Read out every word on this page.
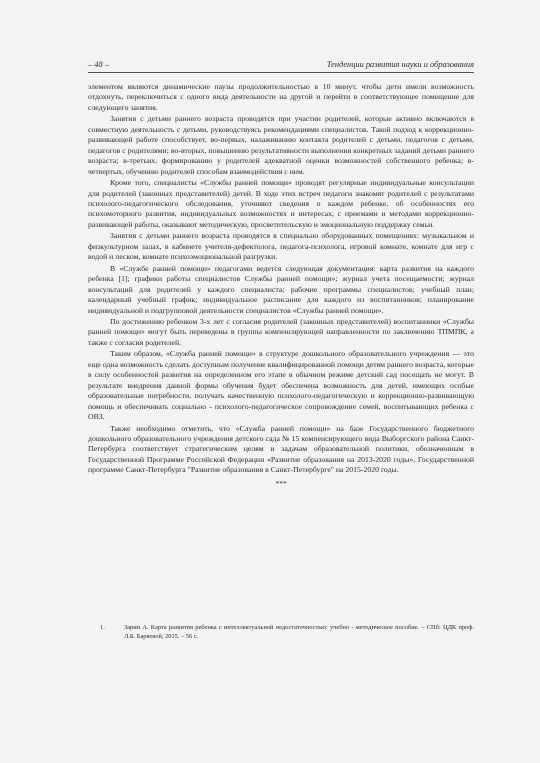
– 48 –	Тенденции развития науки и образования

элементом являются динамические паузы продолжительностью в 10 минут, чтобы дети имели возможность отдохнуть, переключиться с одного вида деятельности на другой и перейти в соответствующее помещение для следующего занятия.

Занятия с детьми раннего возраста проводятся при участии родителей, которые активно включаются в совместную деятельность с детьми, руководствуясь рекомендациями специалистов. Такой подход к коррекционно-развивающей работе способствует, во-первых, налаживанию контакта родителей с детьми, педагогов с детьми, педагогов с родителями; во-вторых, повышению результативности выполнения конкретных заданий детьми раннего возраста; в-третьих, формированию у родителей адекватной оценки возможностей собственного ребенка; в-четвертых, обучению родителей способам взаимодействия с ним.

Кроме того, специалисты «Службы ранней помощи» проводят регулярные индивидуальные консультации для родителей (законных представителей) детей. В ходе этих встреч педагоги знакомят родителей с результатами психолого-педагогического обследования, уточняют сведения о каждом ребенке, об особенностях его психомоторного развития, индивидуальных возможностях и интересах, с приемами и методами коррекционно-развивающей работы, оказывают методическую, просветительскую и эмоциональную поддержку семьи.

Занятия с детьми раннего возраста проводятся в специально оборудованных помещениях: музыкальном и физкультурном залах, в кабинете учителя-дефектолога, педагога-психолога, игровой комнате, комнате для игр с водой и песком, комнате психоэмоциональной разгрузки.

В «Службе ранней помощи» педагогами ведется следующая документация: карта развития на каждого ребенка [1]; графики работы специалистов Службы ранней помощи»; журнал учета посещаемости; журнал консультаций для родителей у каждого специалиста; рабочие программы специалистов; учебный план; календарный учебный график; индивидуальное расписание для каждого из воспитанников; планирование индивидуальной и подгрупповой деятельности специалистов «Службы ранней помощи».

По достижению ребенком 3-х лет с согласия родителей (законных представителей) воспитанники «Службы ранней помощи» могут быть переведены в группы компенсирующей направленности по заключению ТПМПК, а также с согласия родителей.

Таким образом, «Служба ранней помощи» в структуре дошкольного образовательного учреждения — это еще одна возможность сделать доступным получение квалифицированной помощи детям раннего возраста, которые в силу особенностей развития на определенном его этапе в обычном режиме детский сад посещать не могут. В результате внедрения данной формы обучения будет обеспечена возможность для детей, имеющих особые образовательные потребности, получать качественную психолого-педагогическую и коррекционно-развивающую помощь и обеспечивать социально - психолого-педагогическое сопровождение семей, воспитывающих ребенка с ОВЗ.

Также необходимо отметить, что «Служба ранней помощи» на базе Государственного бюджетного дошкольного образовательного учреждения детского сада № 15 компенсирующего вида Выборгского района Санкт-Петербурга соответствует стратегическим целям и задачам образовательной политики, обозначенным в Государственной Программе Российской Федерации «Развитие образования на 2013-2020 годы», Государственной программе Санкт-Петербурга "Развитие образования в Санкт-Петербурге" на 2015-2020 годы.

***

1.	Зарин А. Карта развития ребенка с интеллектуальной недостаточностью: учебно - методическое пособие. – СПб: ЦДК проф. Л.Б. Баряевой, 2015. – 56 с.
